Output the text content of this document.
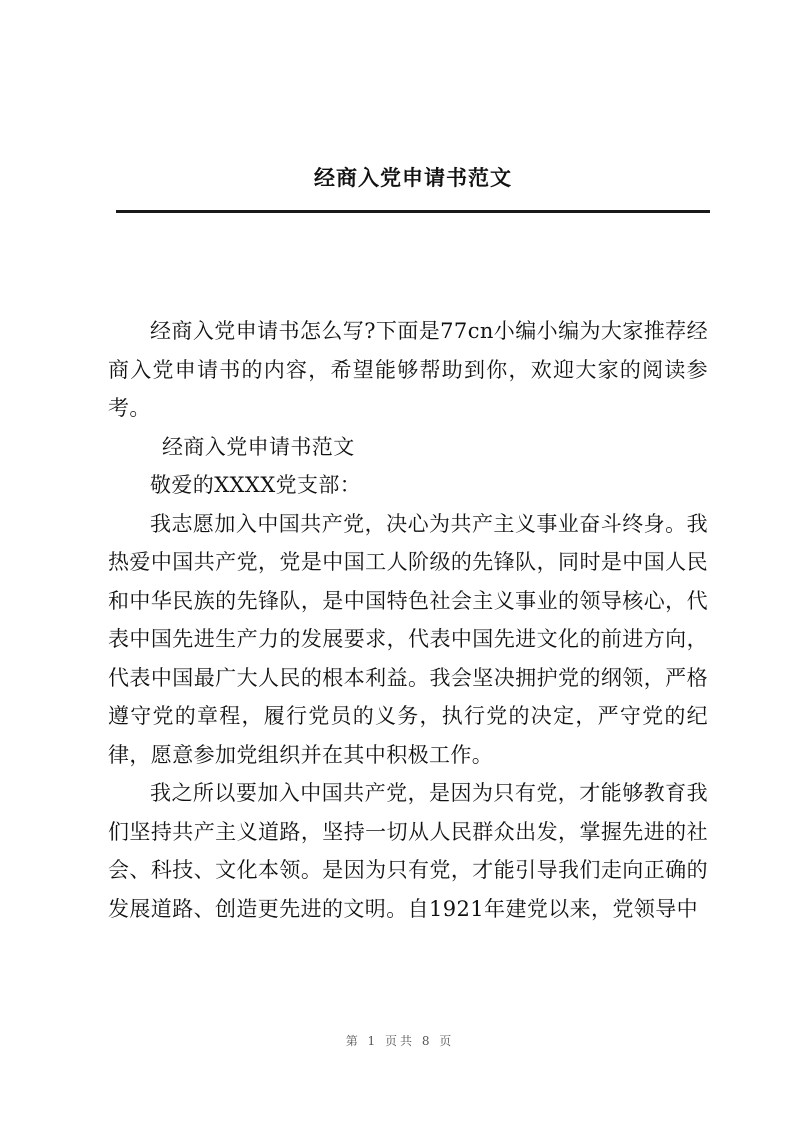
经商入党申请书范文

经商入党申请书怎么写?下面是77cn小编小编为大家推荐经商入党申请书的内容，希望能够帮助到你，欢迎大家的阅读参考。

经商入党申请书范文

敬爱的XXXX党支部：

我志愿加入中国共产党，决心为共产主义事业奋斗终身。我热爱中国共产党，党是中国工人阶级的先锋队，同时是中国人民和中华民族的先锋队，是中国特色社会主义事业的领导核心，代表中国先进生产力的发展要求，代表中国先进文化的前进方向，代表中国最广大人民的根本利益。我会坚决拥护党的纲领，严格遵守党的章程，履行党员的义务，执行党的决定，严守党的纪律，愿意参加党组织并在其中积极工作。

我之所以要加入中国共产党，是因为只有党，才能够教育我们坚持共产主义道路，坚持一切从人民群众出发，掌握先进的社会、科技、文化本领。是因为只有党，才能引导我们走向正确的发展道路、创造更先进的文明。自1921年建党以来，党领导中

第 1 页共 8 页
